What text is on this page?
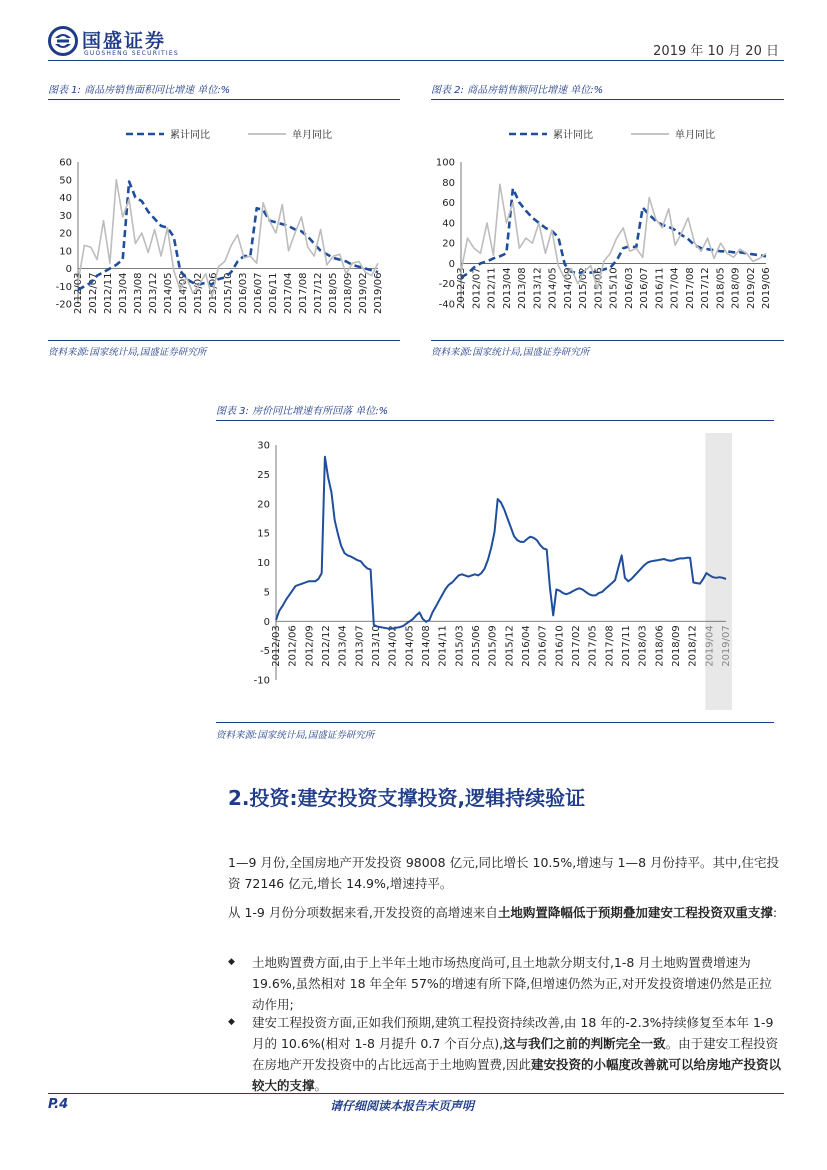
国盛证券
GUOSHENG SECURITIES	2019 年 10 月 20 日
图表 1: 商品房销售面积同比增速 单位:%
60
50
40
30
20
10
0
-10
-20 2012/03 2012/07 2012/11 2013/04 2013/08 2013/12 2014/05 2014/09 2015/02 2015/06 2015/10 2016/03 2016/07 2016/11 2017/04 2017/08 2017/12 2018/05 2018/09 2019/02 2019/06
累计同比	单月同比
资料来源:国家统计局,国盛证券研究所
图表 2: 商品房销售额同比增速 单位:%
100
80
60
40
20
0
-20
-40 2012/03 2012/07 2012/11 2013/04 2013/08 2013/12 2014/05 2014/09 2015/02 2015/06 2015/10 2016/03 2016/07 2016/11 2017/04 2017/08 2017/12 2018/05 2018/09 2019/02 2019/06
累计同比	单月同比
资料来源:国家统计局,国盛证券研究所
图表 3: 房价同比增速有所回落 单位:%
30
25
20
15
10
5
0
-5
-10
2012/03 2012/06 2012/09 2012/12 2013/04 2013/07 2013/10 2014/02 2014/05 2014/08 2014/11 2015/03 2015/06 2015/09 2015/12 2016/04 2016/07 2016/10 2017/02 2017/05 2017/08 2017/11 2018/03 2018/06 2018/09 2018/12 2019/04 2019/07
资料来源:国家统计局,国盛证券研究所
2.投资:建安投资支撑投资,逻辑持续验证
1—9 月份,全国房地产开发投资 98008 亿元,同比增长 10.5%,增速与 1—8 月份持平。其中,住宅投资 72146 亿元,增长 14.9%,增速持平。
从 1-9 月份分项数据来看,开发投资的高增速来自土地购置降幅低于预期叠加建安工程投资双重支撑:
◆ 土地购置费方面,由于上半年土地市场热度尚可,且土地款分期支付,1-8 月土地购置费增速为 19.6%,虽然相对 18 年全年 57%的增速有所下降,但增速仍然为正,对开发投资增速仍然是正拉动作用;
◆ 建安工程投资方面,正如我们预期,建筑工程投资持续改善,由 18 年的-2.3%持续修复至本年 1-9 月的 10.6%(相对 1-8 月提升 0.7 个百分点),这与我们之前的判断完全一致。由于建安工程投资在房地产开发投资中的占比远高于土地购置费,因此建安投资的小幅度改善就可以给房地产投资以较大的支撑。
P.4	请仔细阅读本报告末页声明
